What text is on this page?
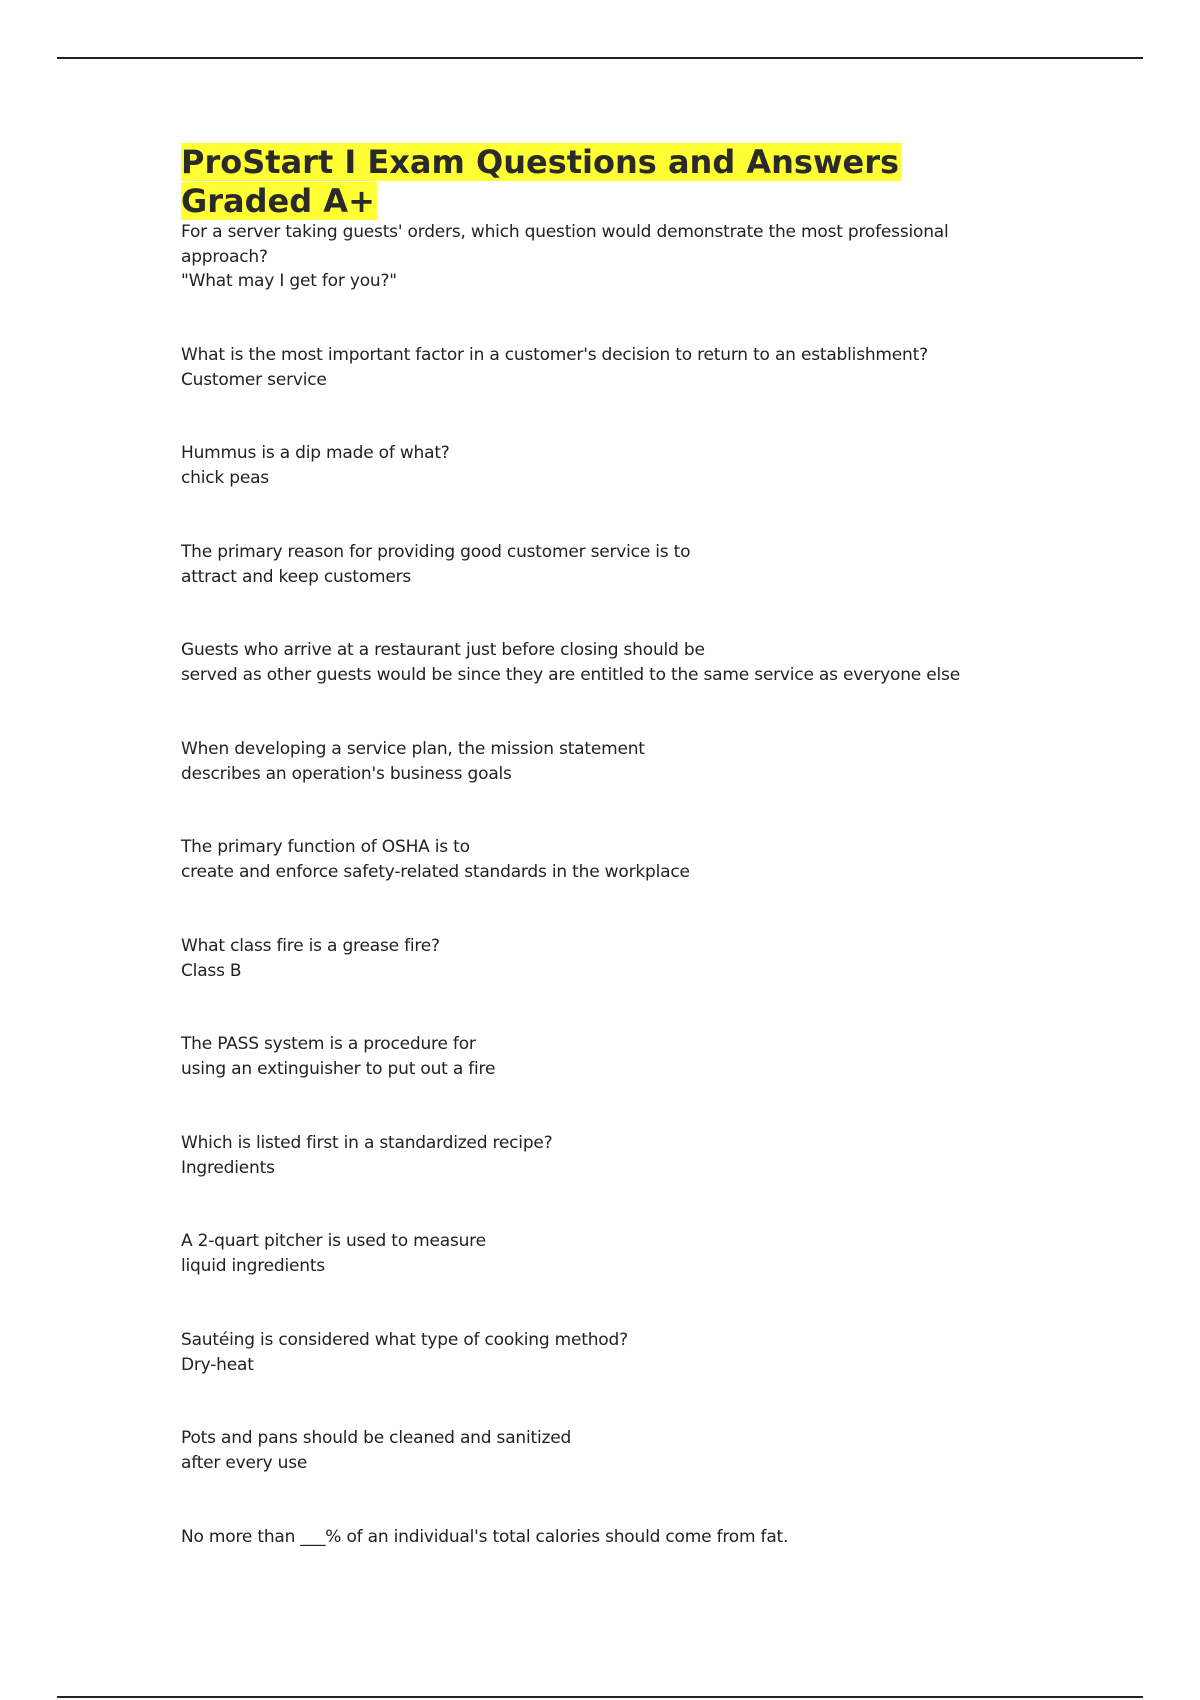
ProStart I Exam Questions and Answers Graded A+
For a server taking guests' orders, which question would demonstrate the most professional approach?
"What may I get for you?"
What is the most important factor in a customer's decision to return to an establishment?
Customer service
Hummus is a dip made of what?
chick peas
The primary reason for providing good customer service is to
attract and keep customers
Guests who arrive at a restaurant just before closing should be
served as other guests would be since they are entitled to the same service as everyone else
When developing a service plan, the mission statement
describes an operation's business goals
The primary function of OSHA is to
create and enforce safety-related standards in the workplace
What class fire is a grease fire?
Class B
The PASS system is a procedure for
using an extinguisher to put out a fire
Which is listed first in a standardized recipe?
Ingredients
A 2-quart pitcher is used to measure
liquid ingredients
Sautéing is considered what type of cooking method?
Dry-heat
Pots and pans should be cleaned and sanitized
after every use
No more than ___% of an individual's total calories should come from fat.
